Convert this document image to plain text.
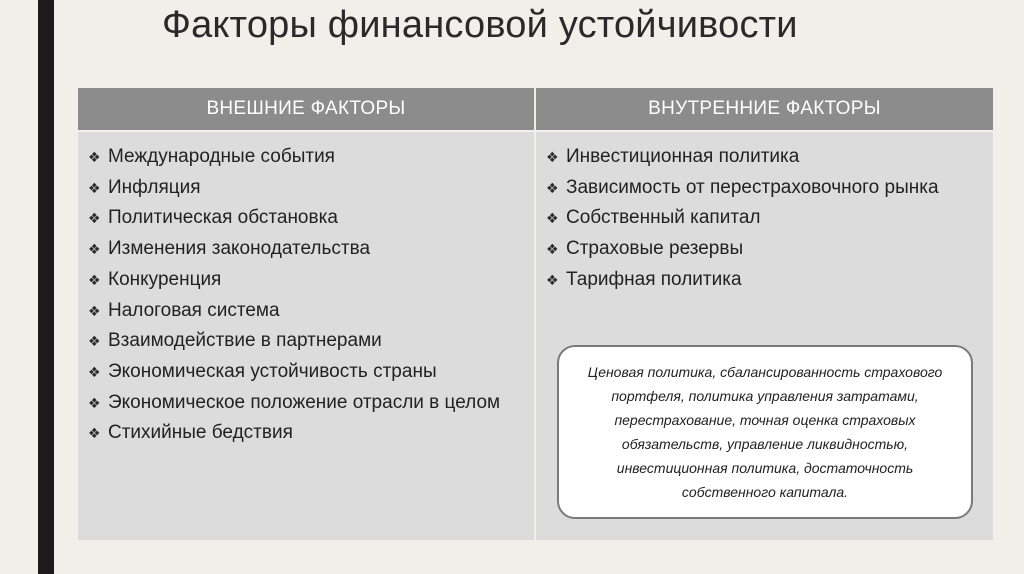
Факторы финансовой устойчивости
ВНЕШНИЕ ФАКТОРЫ	ВНУТРЕННИЕ ФАКТОРЫ
❖ Международные события
❖ Инфляция
❖ Политическая обстановка
❖ Изменения законодательства
❖ Конкуренция
❖ Налоговая система
❖ Взаимодействие в партнерами
❖ Экономическая устойчивость страны
❖ Экономическое положение отрасли в целом
❖ Стихийные бедствия
❖ Инвестиционная политика
❖ Зависимость от перестраховочного рынка
❖ Собственный капитал
❖ Страховые резервы
❖ Тарифная политика
Ценовая политика, сбалансированность страхового портфеля, политика управления затратами, перестрахование, точная оценка страховых обязательств, управление ликвидностью, инвестиционная политика, достаточность собственного капитала.
